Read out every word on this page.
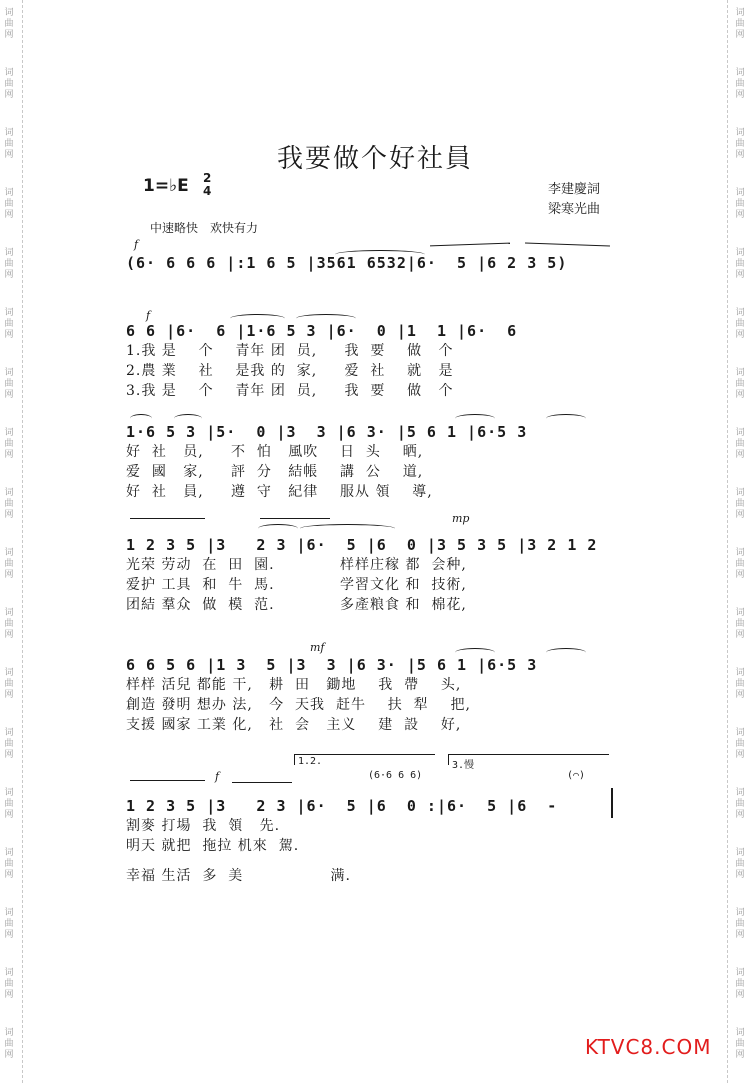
词
曲
网
词
曲
网
词
曲
网
词
曲
网
词
曲
网
词
曲
网
词
曲
网
词
曲
网
词
曲
网
词
曲
网
词
曲
网
词
曲
网
词
曲
网
词
曲
网
词
曲
网
词
曲
网
词
曲
网
词
曲
网
词
曲
网
词
曲
网
词
曲
网
词
曲
网
词
曲
网
词
曲
网
词
曲
网
词
曲
网
词
曲
网
词
曲
网
词
曲
网
词
曲
网
词
曲
网
词
曲
网
词
曲
网
词
曲
网
词
曲
网
词
曲
网
我要做个好社員
1=♭E 2
4	李建慶詞
梁寒光曲
中速略快　欢快有力
f
(6· 6 6 6 |:1 6 5 |3561 6532|6·  5 |6 2 3 5)
f
6 6 |6·  6 |1·6 5 3 |6·  0 |1  1 |6·  6
1.我 是    个    青年 团  员,     我  要    做   个
2.農 業    社    是我 的  家,     爱  社    就   是
3.我 是    个    青年 团  员,     我  要    做   个
1·6 5 3 |5·  0 |3  3 |6 3· |5 6 1 |6·5 3
好  社   员,     不  怕   風吹    日  头    晒,
爱  國   家,     評  分   結帳    講  公    道,
好  社   員,     遵  守   紀律    服从 領    導,
mp
1 2 3 5 |3   2 3 |6·  5 |6  0 |3 5 3 5 |3 2 1 2
光荣 劳动  在  田  園.            样样庄稼 都  会种,
爱护 工具  和  牛  馬.            学習文化 和  技術,
团結 羣众  做  模  范.            多產粮食 和  棉花,
mf
6 6 5 6 |1 3  5 |3  3 |6 3· |5 6 1 |6·5 3
样样 活兒 都能 干,   耕  田   鋤地    我  帶    头,
創造 發明 想办 法,   今  天我  赶牛    扶  犁    把,
支援 國家 工業 化,   社  会   主义    建  設    好,
1.2.	3.慢
(6·6 6 6)	(⌒)
f
1 2 3 5 |3   2 3 |6·  5 |6  0 :|6·  5 |6  -
割麥 打場  我  領   先.
明天 就把  拖拉 机來  駕.
幸福 生活  多  美                满.
KTVC8.COM
